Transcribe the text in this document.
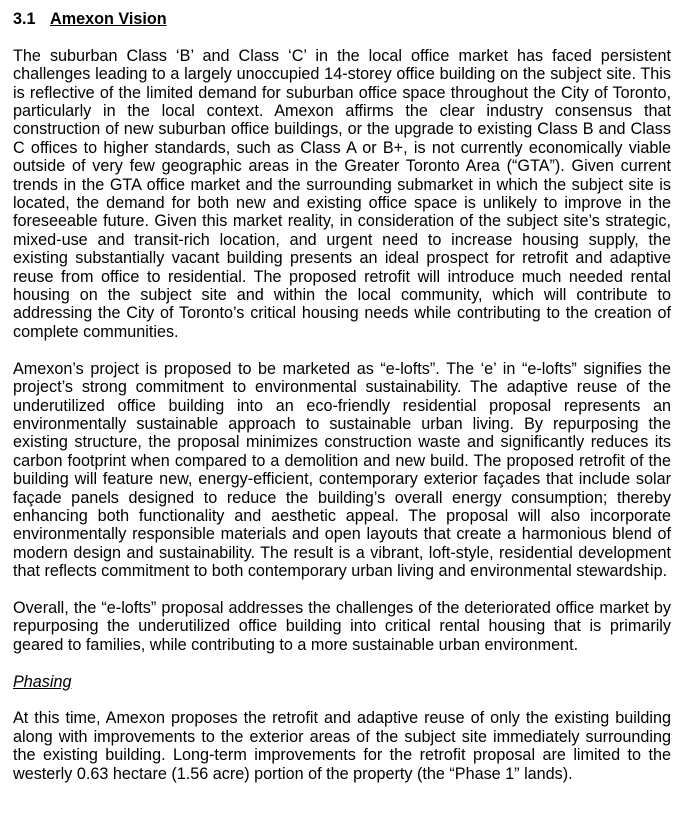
3.1 Amexon Vision

The suburban Class ‘B’ and Class ‘C’ in the local office market has faced persistent challenges leading to a largely unoccupied 14-storey office building on the subject site. This is reflective of the limited demand for suburban office space throughout the City of Toronto, particularly in the local context. Amexon affirms the clear industry consensus that construction of new suburban office buildings, or the upgrade to existing Class B and Class C offices to higher standards, such as Class A or B+, is not currently economically viable outside of very few geographic areas in the Greater Toronto Area (“GTA”). Given current trends in the GTA office market and the surrounding submarket in which the subject site is located, the demand for both new and existing office space is unlikely to improve in the foreseeable future. Given this market reality, in consideration of the subject site’s strategic, mixed-use and transit-rich location, and urgent need to increase housing supply, the existing substantially vacant building presents an ideal prospect for retrofit and adaptive reuse from office to residential. The proposed retrofit will introduce much needed rental housing on the subject site and within the local community, which will contribute to addressing the City of Toronto’s critical housing needs while contributing to the creation of complete communities.

Amexon’s project is proposed to be marketed as “e-lofts”. The ‘e’ in “e-lofts” signifies the project’s strong commitment to environmental sustainability. The adaptive reuse of the underutilized office building into an eco-friendly residential proposal represents an environmentally sustainable approach to sustainable urban living. By repurposing the existing structure, the proposal minimizes construction waste and significantly reduces its carbon footprint when compared to a demolition and new build. The proposed retrofit of the building will feature new, energy-efficient, contemporary exterior façades that include solar façade panels designed to reduce the building’s overall energy consumption; thereby enhancing both functionality and aesthetic appeal. The proposal will also incorporate environmentally responsible materials and open layouts that create a harmonious blend of modern design and sustainability. The result is a vibrant, loft-style, residential development that reflects commitment to both contemporary urban living and environmental stewardship.

Overall, the “e-lofts” proposal addresses the challenges of the deteriorated office market by repurposing the underutilized office building into critical rental housing that is primarily geared to families, while contributing to a more sustainable urban environment.

Phasing

At this time, Amexon proposes the retrofit and adaptive reuse of only the existing building along with improvements to the exterior areas of the subject site immediately surrounding the existing building. Long-term improvements for the retrofit proposal are limited to the westerly 0.63 hectare (1.56 acre) portion of the property (the “Phase 1” lands).
